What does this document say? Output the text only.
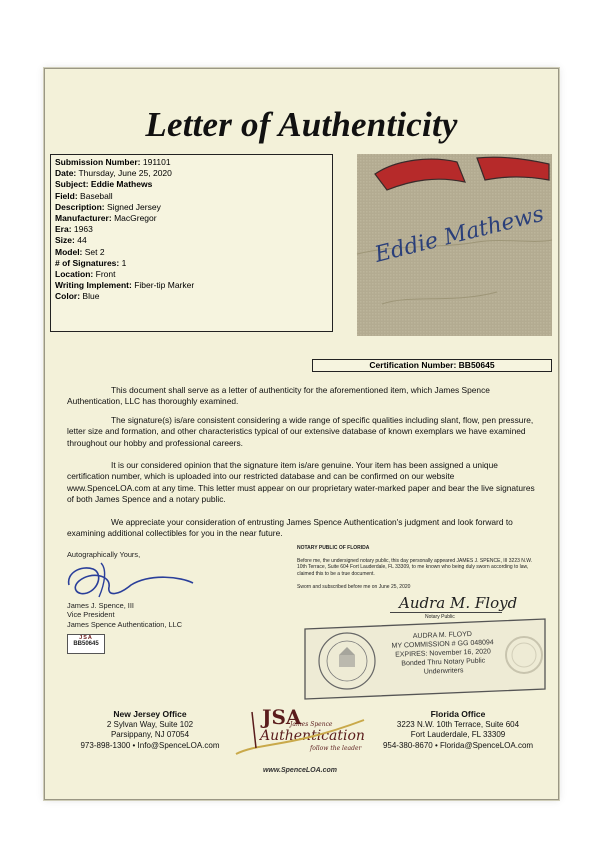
Letter of Authenticity
Submission Number: 191101
Date: Thursday, June 25, 2020
Subject: Eddie Mathews
Field: Baseball
Description: Signed Jersey
Manufacturer: MacGregor
Era: 1963
Size: 44
Model: Set 2
# of Signatures: 1
Location: Front
Writing Implement: Fiber-tip Marker
Color: Blue
Eddie Mathews
Certification Number: BB50645
This document shall serve as a letter of authenticity for the aforementioned item, which James Spence Authentication, LLC has thoroughly examined.
The signature(s) is/are consistent considering a wide range of specific qualities including slant, flow, pen pressure, letter size and formation, and other characteristics typical of our extensive database of known exemplars we have examined throughout our hobby and professional careers.
It is our considered opinion that the signature item is/are genuine. Your item has been assigned a unique certification number, which is uploaded into our restricted database and can be confirmed on our website www.SpenceLOA.com at any time. This letter must appear on our proprietary water-marked paper and bear the live signatures of both James Spence and a notary public.
We appreciate your consideration of entrusting James Spence Authentication's judgment and look forward to examining additional collectibles for you in the near future.
Autographically Yours,
James J. Spence, III
Vice President
James Spence Authentication, LLC
JSA
BB50645
NOTARY PUBLIC OF FLORIDA
Before me, the undersigned notary public, this day personally appeared JAMES J. SPENCE, III 3223 N.W. 10th Terrace, Suite 604 Fort Lauderdale, FL 33309, to me known who being duly sworn according to law, claimed this to be a true document.
Sworn and subscribed before me on June 25, 2020
Audra M. Floyd
Notary Public
AUDRA M. FLOYD
MY COMMISSION # GG 048094
EXPIRES: November 16, 2020
Bonded Thru Notary Public Underwriters
New Jersey Office
2 Sylvan Way, Suite 102
Parsippany, NJ 07054
973-898-1300 • Info@SpenceLOA.com
JSA
James Spence
Authentication
follow the leader
www.SpenceLOA.com
Florida Office
3223 N.W. 10th Terrace, Suite 604
Fort Lauderdale, FL 33309
954-380-8670 • Florida@SpenceLOA.com
